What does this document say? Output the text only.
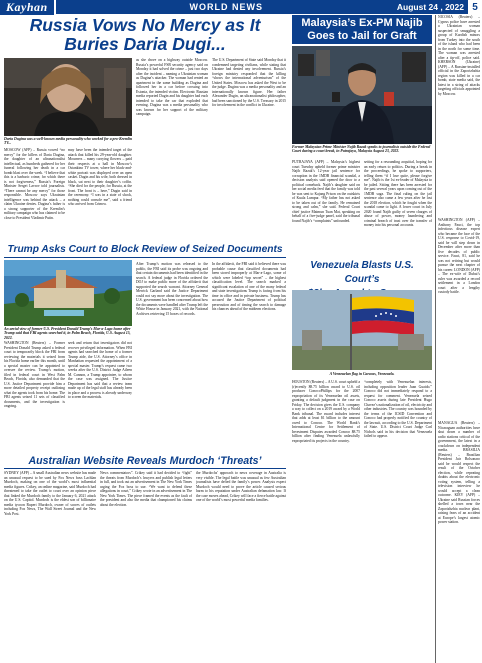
Kayhan	WORLD NEWS	August 24 , 2022 5
Russia Vows No Mercy as It Buries Daria Dugi...
Daria Dugina was a well-known media personality who worked for a pro-Kremlin TV...
MOSCOW (AFP) – Russia vowed “no mercy” for the killers of Daria Dugina, the daughter of an ultranationalist intellectual, as hundreds gathered for her funeral following her death in a car bomb blast over the week. “I believe that this is a barbaric crime, for which there is not forgiveness,” Russia’s Foreign Minister Sergei Lavrov told journalists. “There cannot be any mercy” for those responsible. Moscow says Ukrainian intelligence was behind the attack – a claim Ukraine denies. Dugina’s father is a strong supporter of the Kremlin’s military campaign who has claimed to be close to President Vladimir Putin.
may have been the intended target of the attack that killed his 29-year-old daughter. Mourners – many carrying flowers – paid their respects at a hall in Moscow’s Ostankino TV tower, where her black-and-white portrait was displayed over an open casket. Dugin and his wife, both dressed in black, sat next to their daughter’s coffin. “She died for the people, for Russia, at the front. The front is – here,” Dugin said in the ceremony. “I was in a state of shock, nothing could console me”, said a friend who arrived from Crimea.
as she drove on a highway outside Moscow. Russia’s powerful FSB security agency said on Monday it had solved the crime – just two days after the incident – naming a Ukrainian woman as Dugina’s attacker. The woman had rented an apartment in the same building as Dugina and followed her in a car before crossing into Estonia, the intended victim. Electronic Russian media reported Dugin and his daughter had each intended to take the car that exploded that evening. Dugina was a media personality who was known for her support of the military campaign.
The U.S. Department of State said Monday that it condemned targeting civilians, while stating that Ukraine had denied any involvement. Russia’s foreign ministry responded that the killing “shows the international adventurism” of the United States. Moscow has asked the West to be the judge. Dugina was a media personality and an internationally known figure. Her father Alexander Dugin, an ultranationalist philosopher, had been sanctioned by the U.S. Treasury in 2015 for involvement in the conflict in Ukraine.
Malaysia’s Ex-PM Najib
Goes to Jail for Graft
Former Malaysian Prime Minister Najib Razak speaks to journalists outside the Federal Court during a court break, in Putrajaya, Malaysia August 23, 2022.
PUTRAJAYA (AFP) – Malaysia’s highest court Tuesday upheld former prime minister Najib Razak’s 12-year jail sentence for corruption in the 1MDB financial scandal, a decision analysts said opened the door to a political comeback. Najib’s daughter said on her social media feed that the family was told he was sent to Kajang Prison on the outskirts of Kuala Lumpur. “My father has not asked to be taken out of the family. He remained strong and calm,” she said. Federal Court chief justice Maimun Tuan Mat, speaking on behalf of a five-judge panel, said the tribunal found Najib’s “complaints” unfounded.
setting for a resounding acquittal, hoping for an early return to politics. During a break in the proceedings, he spoke to supporters, telling them “if I lose quite, please forgive me”. Najib is the 1st ex-leader of Malaysia to be jailed. Sitting there has been arrested for the past several years upon coming out of the 1MDB saga. The final ruling on the jail sentence also came a few years after he lost the 2018 election, which he fought when the scandal came to light. A lower court in July 2020 found Najib guilty of seven charges of abuse of power, money laundering and criminal breach of trust over the transfer of money into his personal accounts.
NICOSIA (Reuters) – Cyprus police have arrested a Ukrainian woman suspected of smuggling a group of Kurdish minors from Turkey into the south of the island who had been in the north for some time. The woman was arrested after a tip-off, police said. KHERSON (Ukraine) (AFP) – A Russian-installed official in the Zaporizhzhia region was killed in a car bomb, state media said, the latest in a string of attacks targeting officials appointed by Moscow.
WASHINGTON (AFP) – Anthony Fauci, the top infectious disease expert who became the face of the U.S. response to Covid-19, said he will step down in December after more than five decades of public service. Fauci, 81, said he was not retiring but would pursue the next chapter of his career. LONDON (AFP) – The ex-wife of Dubai’s ruler was awarded a record settlement in a London court after a lengthy custody battle.
MANAGUA (Reuters) – Nicaraguan authorities have shut down a number of radio stations critical of the government, the latest in a crackdown on independent media. BRASILIA (Reuters) – Brazilian President Jair Bolsonaro said he would respect the result of the October election, while repeating doubts about the electronic voting system, telling a television interview he would accept a clean outcome. KIEV (AFP) – Ukraine said Russian forces shelled a town near the Zaporizhzhia nuclear plant, raising fears of an accident at Europe’s largest atomic power station.
Trump Asks Court to Block Review of Seized Documents
An aerial view of former U.S. President Donald Trump’s Mar-a-Lago home after Trump said that FBI agents searched it, in Palm Beach, Florida, U.S. August 15, 2022.
WASHINGTON (Reuters) – Former President Donald Trump asked a federal court to temporarily block the FBI from reviewing the materials it seized from his Florida home earlier this month, until a special master can be appointed to oversee the review. Trump’s motion, filed in federal court in West Palm Beach, Florida, also demanded that the U.S. Justice Department provide him a more detailed property receipt outlining what the agents took from his home. The FBI agents seized 11 sets of classified documents, and the investigation is ongoing.
seek and return that investigators did not recover privileged information. When FBI agents had searched the home of a former Trump aide, the U.S. Attorney’s office in Manhattan requested the appointment of a special master. Trump’s request came two weeks after the U.S. District Judge Aileen M. Cannon, a Trump appointee, to whom the case was assigned. The Justice Department has said that a review team made up of the legal staff has already been in place and a process is already underway to screen the materials.
After Trump’s motion was released to the public, the FBI said its probe was ongoing and that certain documents had been identified in the search. A federal judge in Florida ordered the DOJ to make public more of the affidavit that supported the search warrant. Attorney General Merrick Garland said the Justice Department could not say more about the investigation. The U.S. government has been concerned about how the documents were handled after Trump left the White House in January 2021, with the National Archives retrieving 15 boxes of records.
In the affidavit, the FBI said it believed there was probable cause that classified documents had been stored improperly at Mar-a-Lago, some of which were labeled “top secret” – the highest classification level. The search marked a significant escalation of one of the many federal and state investigations Trump is facing from his time in office and in private business. Trump has accused the Justice Department of political persecution and of timing the search to damage his chances ahead of the midterm elections.
Venezuela Blasts U.S. Court’s
A Venezuelan flag in Caracas, Venezuela.
HOUSTON (Reuters) – A U.S. court upheld a (r)ecently $8.75 billion award to U.S. oil producer ConocoPhillips for the 2007 expropriation of its Venezuelan oil assets, granting a default judgment in the case on Friday. The decision gives the U.S. company a way to collect on a 2019 award by a World Bank tribunal. The award includes interest that adds at least $1 billion to the amount owed to Conoco. The World Bank’s International Centre for Settlement of Investment Disputes awarded Conoco $8.75 billion after finding Venezuela unlawfully expropriated its projects in the country.
“completely with Venezuelan interests, including opposition leader Juan Guaido.” Conoco did not immediately respond to a request for comment. Venezuela seized Conoco assets during late President Hugo Chavez’s nationalization of oil, electricity and other industries. The country was hounded by the terms of the ICSID Convention and Conoco had properly notified the country of the lawsuit, according to the U.S. Department of State. U.S. District Court Judge Carl Nichols said in his decision that Venezuela failed to appear.
Australian Website Reveals Murdoch ‘Threats’
SYDNEY (AFP) – A small Australian news website has made an unusual request to be sued by Fox News boss Lachlan Murdoch, making on one of the world’s most influential media figures. Crikey, an online magazine, said Murdoch had threatened to take the outlet to court over an opinion piece that linked the Murdoch family to the January 6, 2021 attack on the U.S. Capitol. Murdoch is the eldest son of billionaire media tycoon Rupert Murdoch, owner of scores of outlets including Fox News, The Wall Street Journal and the New York Post.
News commentators”. Crikey said it had decided to “fight” the threats from Murdoch’s lawyers and publish legal letters in full, and took out an advertisement in The New York Times urging the Fox boss to sue. “We want to defend these allegations in court,” Crikey wrote in an advertisement in The New York Times. The piece framed the events as the fault of the president and also the media that championed his claims about the election.
the Murdochs’ approach to news coverage in Australia is very visible. The legal battle was unusual as few Australian journalists have defied the family’s power. Analysts expect Murdoch would need to prove the article caused serious harm to his reputation under Australian defamation law. If the case moves ahead, Crikey will face a fierce battle against one of the world’s most powerful media families.
